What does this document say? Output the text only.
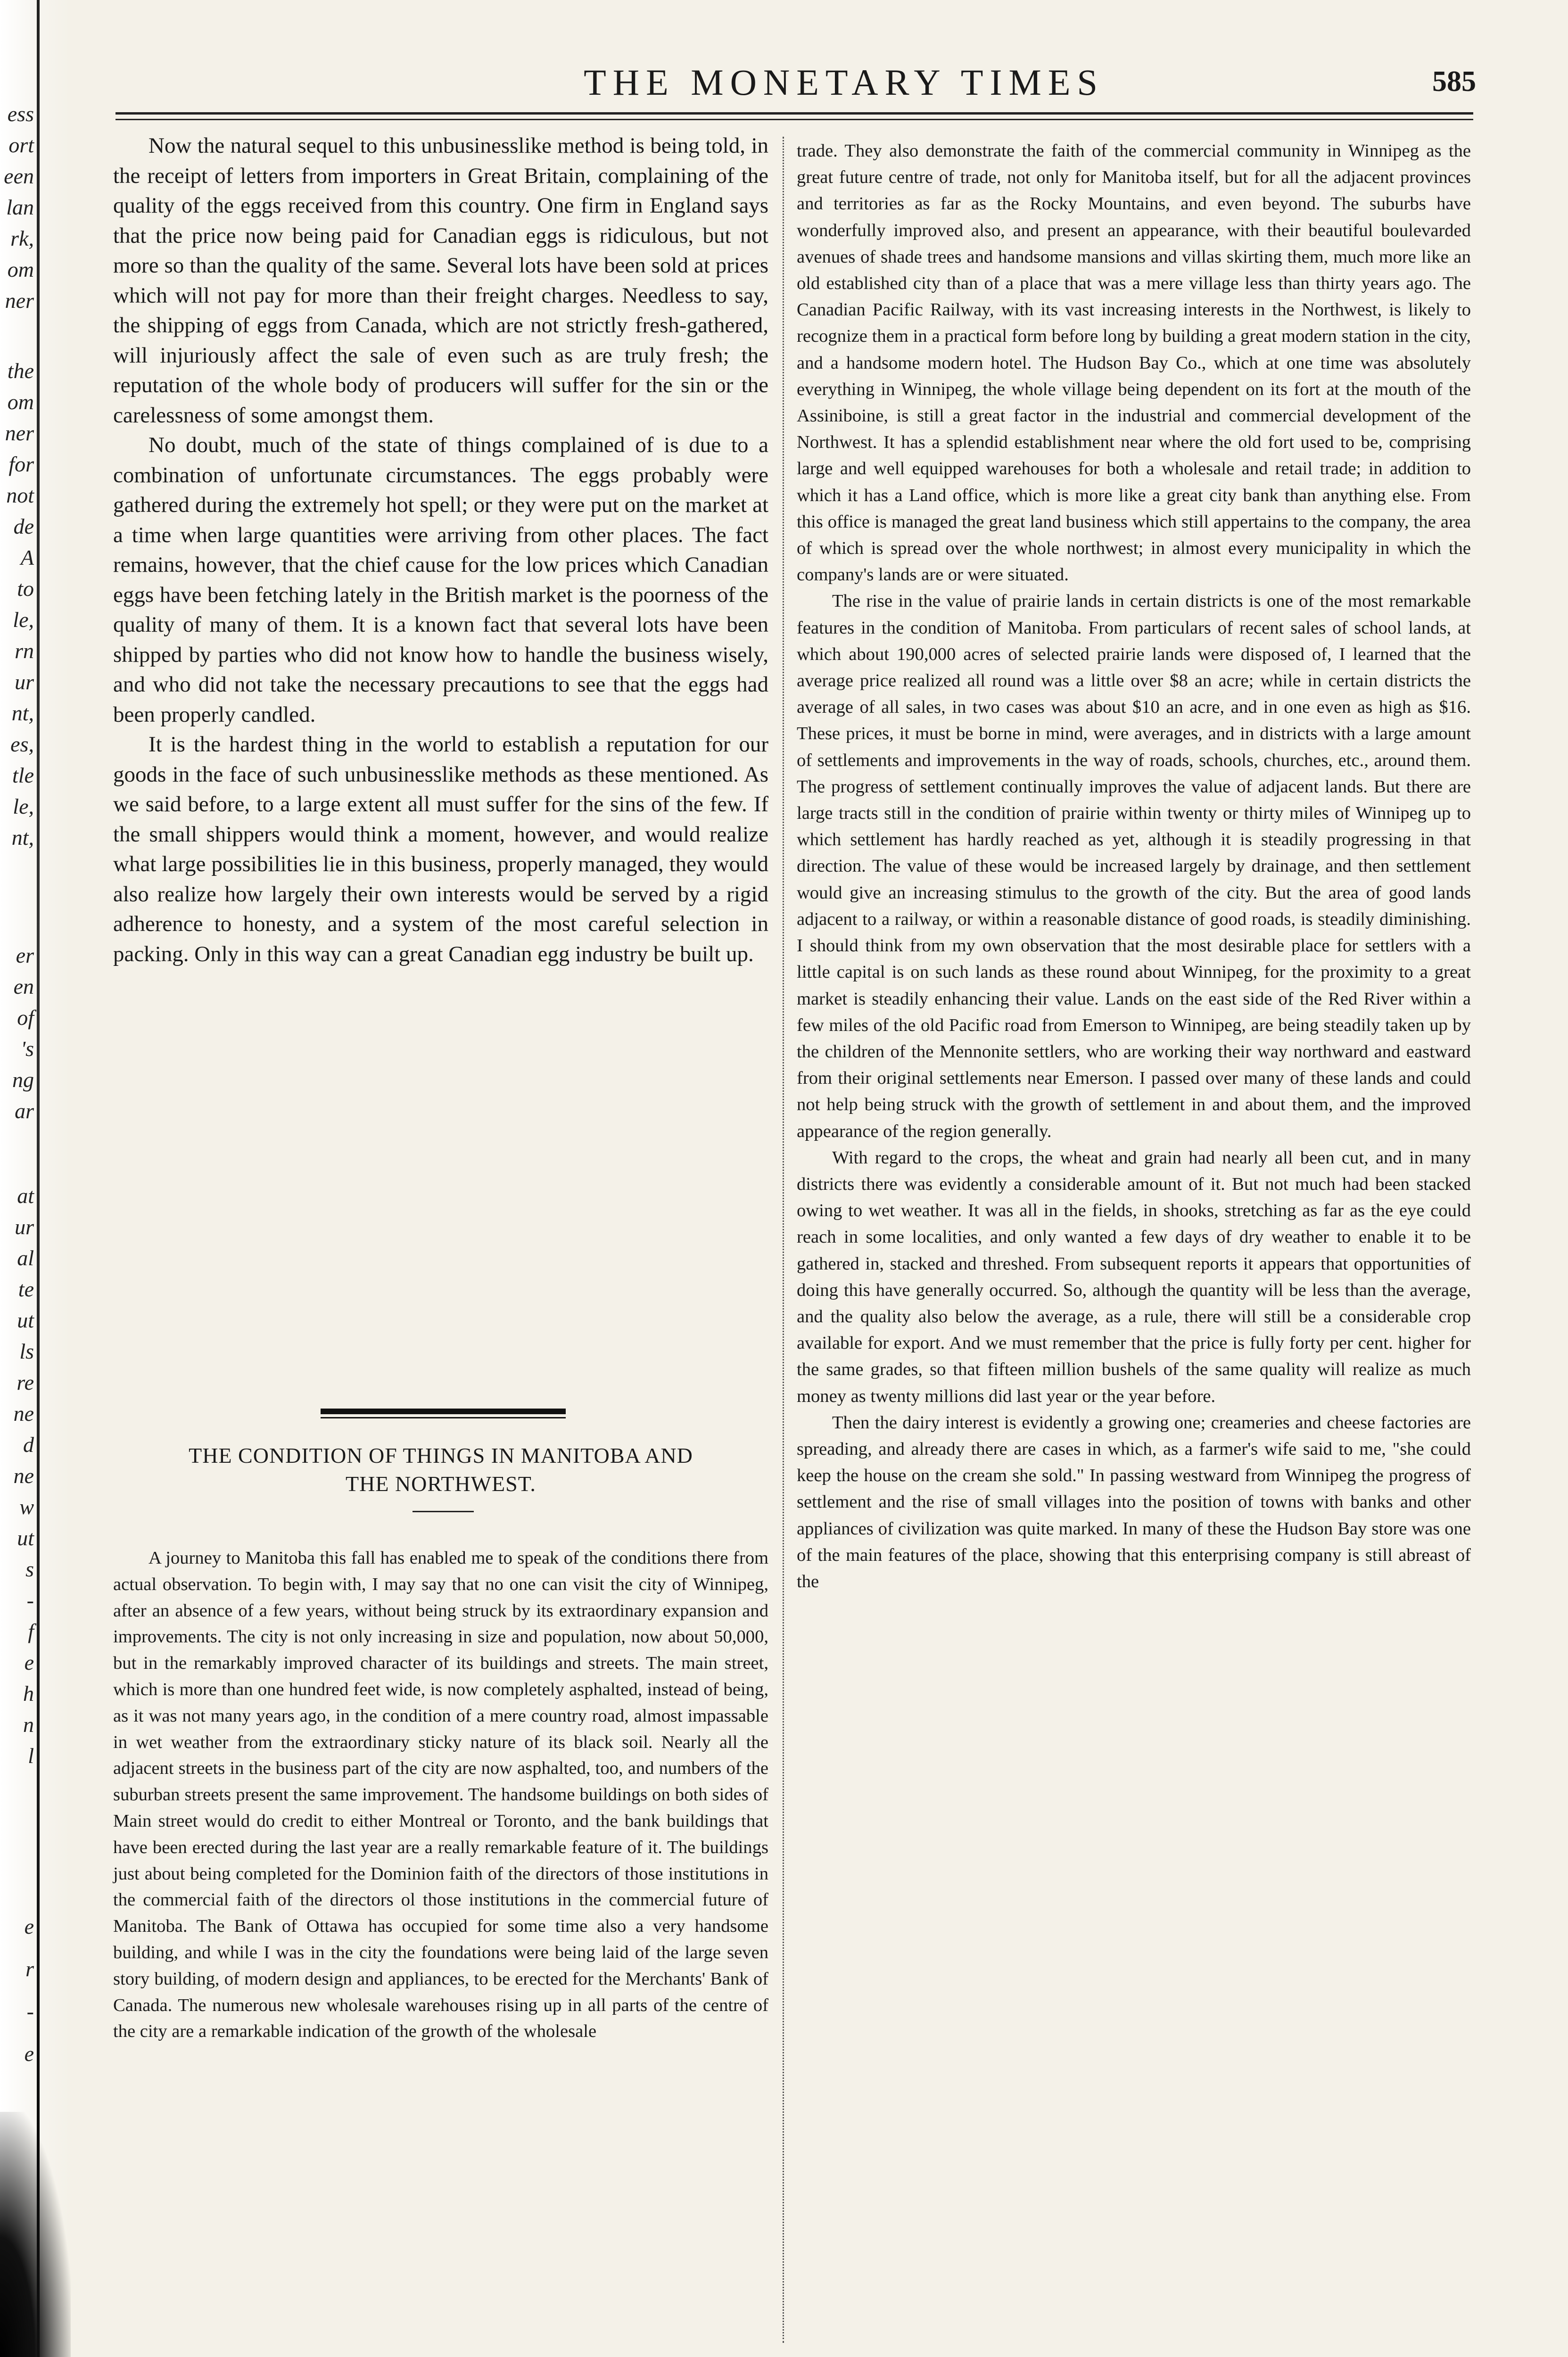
ess
ort
een
lan
rk,
om
ner
the
om
ner
for
not
de
A
to
le,
rn
ur
nt,
es,
tle
le,
nt,
er
en
of
's
ng
ar
at
ur
al
te
ut
ls
re
ne
d
ne
w
ut
s
-
f
e
h
n
l
e
r
-
e
THE MONETARY TIMES	585

Now the natural sequel to this unbusinesslike method is being told, in the receipt of letters from importers in Great Britain, complaining of the quality of the eggs received from this country. One firm in England says that the price now being paid for Canadian eggs is ridiculous, but not more so than the quality of the same. Several lots have been sold at prices which will not pay for more than their freight charges. Needless to say, the shipping of eggs from Canada, which are not strictly fresh-gathered, will injuriously affect the sale of even such as are truly fresh; the reputation of the whole body of producers will suffer for the sin or the carelessness of some amongst them.

No doubt, much of the state of things complained of is due to a combination of unfortunate circumstances. The eggs probably were gathered during the extremely hot spell; or they were put on the market at a time when large quantities were arriving from other places. The fact remains, however, that the chief cause for the low prices which Canadian eggs have been fetching lately in the British market is the poorness of the quality of many of them. It is a known fact that several lots have been shipped by parties who did not know how to handle the business wisely, and who did not take the necessary precautions to see that the eggs had been properly candled.

It is the hardest thing in the world to establish a reputation for our goods in the face of such unbusinesslike methods as these mentioned. As we said before, to a large extent all must suffer for the sins of the few. If the small shippers would think a moment, however, and would realize what large possibilities lie in this business, properly managed, they would also realize how largely their own interests would be served by a rigid adherence to honesty, and a system of the most careful selection in packing. Only in this way can a great Canadian egg industry be built up.

THE CONDITION OF THINGS IN MANITOBA AND
THE NORTHWEST.

A journey to Manitoba this fall has enabled me to speak of the conditions there from actual observation. To begin with, I may say that no one can visit the city of Winnipeg, after an absence of a few years, without being struck by its extraordinary expansion and improvements. The city is not only increasing in size and population, now about 50,000, but in the remarkably improved character of its buildings and streets. The main street, which is more than one hundred feet wide, is now completely asphalted, instead of being, as it was not many years ago, in the condition of a mere country road, almost impassable in wet weather from the extraordinary sticky nature of its black soil. Nearly all the adjacent streets in the business part of the city are now asphalted, too, and numbers of the suburban streets present the same improvement. The handsome buildings on both sides of Main street would do credit to either Montreal or Toronto, and the bank buildings that have been erected during the last year are a really remarkable feature of it. The buildings just about being completed for the Dominion faith of the directors of those institutions in the commercial faith of the directors ol those institutions in the commercial future of Manitoba. The Bank of Ottawa has occupied for some time also a very handsome building, and while I was in the city the foundations were being laid of the large seven story building, of modern design and appliances, to be erected for the Merchants' Bank of Canada. The numerous new wholesale warehouses rising up in all parts of the centre of the city are a remarkable indication of the growth of the wholesale

trade. They also demonstrate the faith of the commercial community in Winnipeg as the great future centre of trade, not only for Manitoba itself, but for all the adjacent provinces and territories as far as the Rocky Mountains, and even beyond. The suburbs have wonderfully improved also, and present an appearance, with their beautiful boulevarded avenues of shade trees and handsome mansions and villas skirting them, much more like an old established city than of a place that was a mere village less than thirty years ago. The Canadian Pacific Railway, with its vast increasing interests in the Northwest, is likely to recognize them in a practical form before long by building a great modern station in the city, and a handsome modern hotel. The Hudson Bay Co., which at one time was absolutely everything in Winnipeg, the whole village being dependent on its fort at the mouth of the Assiniboine, is still a great factor in the industrial and commercial development of the Northwest. It has a splendid establishment near where the old fort used to be, comprising large and well equipped warehouses for both a wholesale and retail trade; in addition to which it has a Land office, which is more like a great city bank than anything else. From this office is managed the great land business which still appertains to the company, the area of which is spread over the whole northwest; in almost every municipality in which the company's lands are or were situated.

The rise in the value of prairie lands in certain districts is one of the most remarkable features in the condition of Manitoba. From particulars of recent sales of school lands, at which about 190,000 acres of selected prairie lands were disposed of, I learned that the average price realized all round was a little over $8 an acre; while in certain districts the average of all sales, in two cases was about $10 an acre, and in one even as high as $16. These prices, it must be borne in mind, were averages, and in districts with a large amount of settlements and improvements in the way of roads, schools, churches, etc., around them. The progress of settlement continually improves the value of adjacent lands. But there are large tracts still in the condition of prairie within twenty or thirty miles of Winnipeg up to which settlement has hardly reached as yet, although it is steadily progressing in that direction. The value of these would be increased largely by drainage, and then settlement would give an increasing stimulus to the growth of the city. But the area of good lands adjacent to a railway, or within a reasonable distance of good roads, is steadily diminishing. I should think from my own observation that the most desirable place for settlers with a little capital is on such lands as these round about Winnipeg, for the proximity to a great market is steadily enhancing their value. Lands on the east side of the Red River within a few miles of the old Pacific road from Emerson to Winnipeg, are being steadily taken up by the children of the Mennonite settlers, who are working their way northward and eastward from their original settlements near Emerson. I passed over many of these lands and could not help being struck with the growth of settlement in and about them, and the improved appearance of the region generally.

With regard to the crops, the wheat and grain had nearly all been cut, and in many districts there was evidently a considerable amount of it. But not much had been stacked owing to wet weather. It was all in the fields, in shooks, stretching as far as the eye could reach in some localities, and only wanted a few days of dry weather to enable it to be gathered in, stacked and threshed. From subsequent reports it appears that opportunities of doing this have generally occurred. So, although the quantity will be less than the average, and the quality also below the average, as a rule, there will still be a considerable crop available for export. And we must remember that the price is fully forty per cent. higher for the same grades, so that fifteen million bushels of the same quality will realize as much money as twenty millions did last year or the year before.

Then the dairy interest is evidently a growing one; creameries and cheese factories are spreading, and already there are cases in which, as a farmer's wife said to me, "she could keep the house on the cream she sold." In passing westward from Winnipeg the progress of settlement and the rise of small villages into the position of towns with banks and other appliances of civilization was quite marked. In many of these the Hudson Bay store was one of the main features of the place, showing that this enterprising company is still abreast of the
